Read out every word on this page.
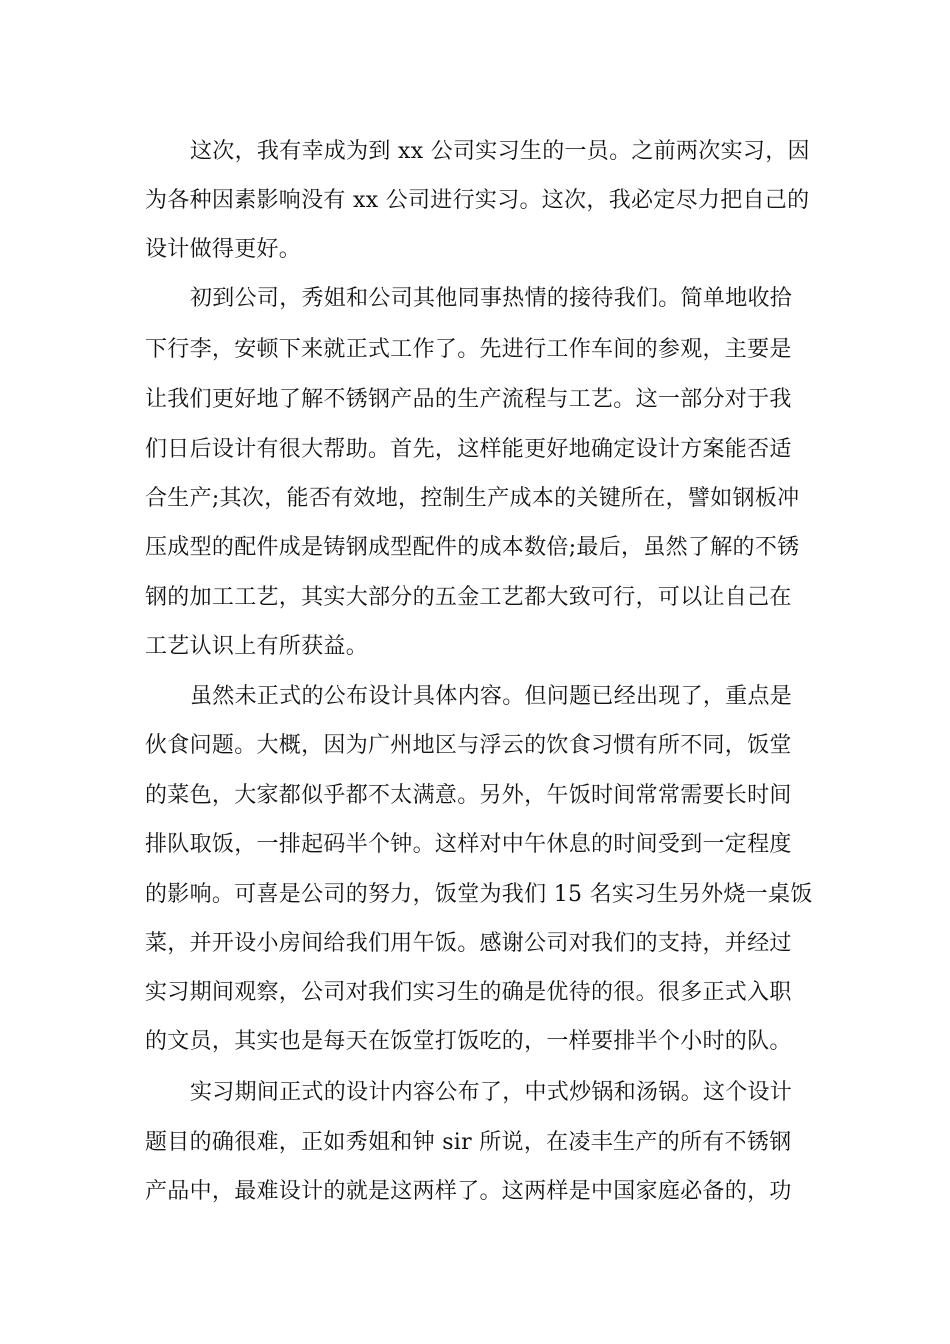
这次，我有幸成为到 xx 公司实习生的一员。之前两次实习，因
为各种因素影响没有 xx 公司进行实习。这次，我必定尽力把自己的
设计做得更好。
初到公司，秀姐和公司其他同事热情的接待我们。简单地收拾
下行李，安顿下来就正式工作了。先进行工作车间的参观，主要是
让我们更好地了解不锈钢产品的生产流程与工艺。这一部分对于我
们日后设计有很大帮助。首先，这样能更好地确定设计方案能否适
合生产;其次，能否有效地，控制生产成本的关键所在，譬如钢板冲
压成型的配件成是铸钢成型配件的成本数倍;最后，虽然了解的不锈
钢的加工工艺，其实大部分的五金工艺都大致可行，可以让自己在
工艺认识上有所获益。
虽然未正式的公布设计具体内容。但问题已经出现了，重点是
伙食问题。大概，因为广州地区与浮云的饮食习惯有所不同，饭堂
的菜色，大家都似乎都不太满意。另外，午饭时间常常需要长时间
排队取饭，一排起码半个钟。这样对中午休息的时间受到一定程度
的影响。可喜是公司的努力，饭堂为我们 15 名实习生另外烧一桌饭
菜，并开设小房间给我们用午饭。感谢公司对我们的支持，并经过
实习期间观察，公司对我们实习生的确是优待的很。很多正式入职
的文员，其实也是每天在饭堂打饭吃的，一样要排半个小时的队。
实习期间正式的设计内容公布了，中式炒锅和汤锅。这个设计
题目的确很难，正如秀姐和钟 sir 所说，在凌丰生产的所有不锈钢
产品中，最难设计的就是这两样了。这两样是中国家庭必备的，功
